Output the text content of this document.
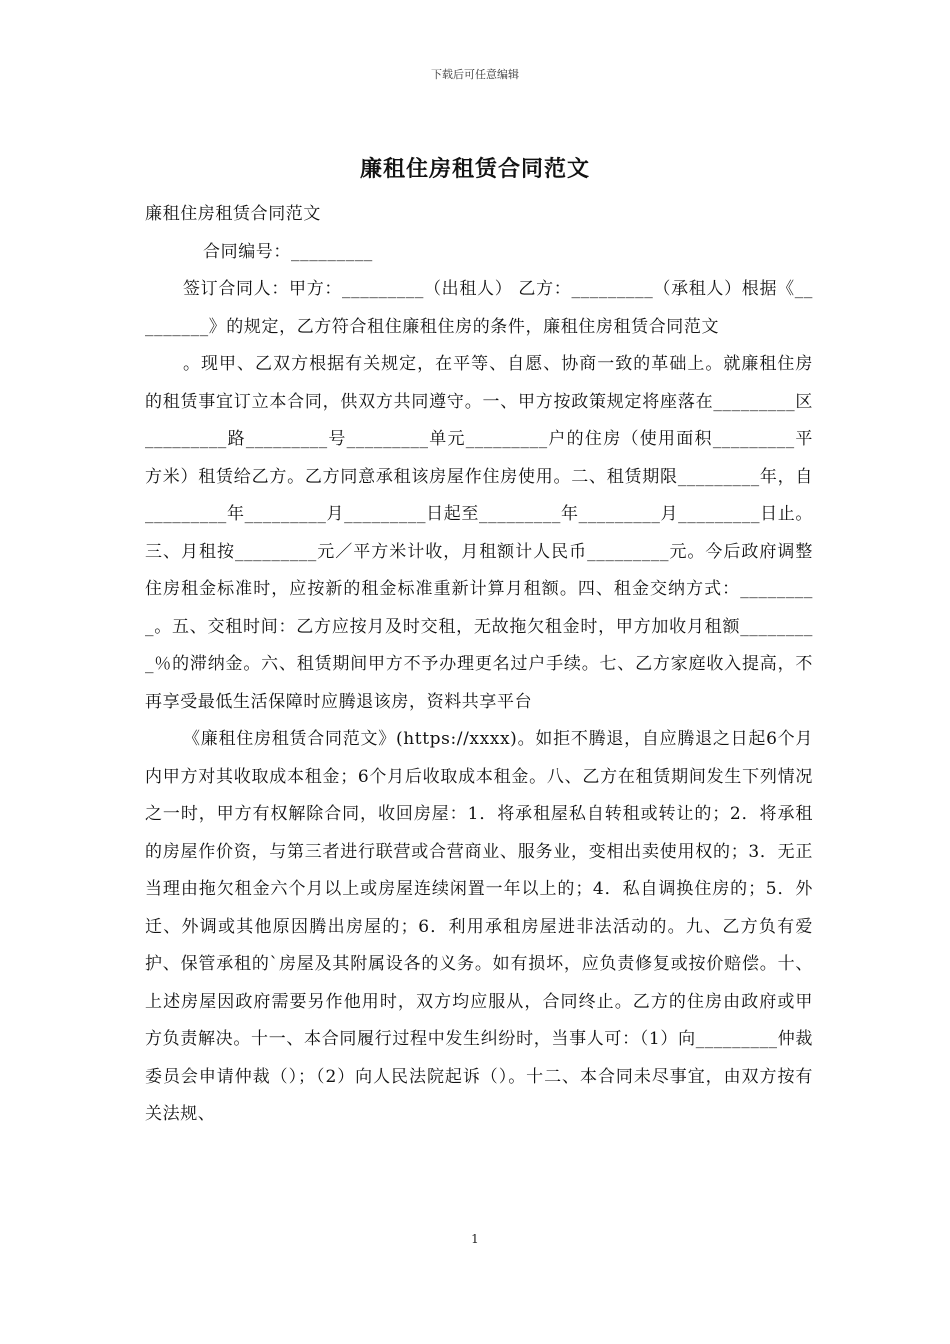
下载后可任意编辑
廉租住房租赁合同范文

廉租住房租赁合同范文

合同编号：_________

签订合同人：甲方：_________（出租人） 乙方：_________（承租人）根据《_________》的规定，乙方符合租住廉租住房的条件，廉租住房租赁合同范文

。现甲、乙双方根据有关规定，在平等、自愿、协商一致的革础上。就廉租住房的租赁事宜订立本合同，供双方共同遵守。一、甲方按政策规定将座落在_________区_________路_________号_________单元_________户的住房（使用面积_________平方米）租赁给乙方。乙方同意承租该房屋作住房使用。二、租赁期限_________年，自_________年_________月_________日起至_________年_________月_________日止。 三、月租按_________元／平方米计收，月租额计人民币_________元。今后政府调整住房租金标准时，应按新的租金标准重新计算月租额。四、租金交纳方式：_________。五、交租时间：乙方应按月及时交租，无故拖欠租金时，甲方加收月租额_________％的滞纳金。六、租赁期间甲方不予办理更名过户手续。七、乙方家庭收入提高，不再享受最低生活保障时应腾退该房，资料共享平台

《廉租住房租赁合同范文》(https://xxxx)。如拒不腾退，自应腾退之日起6个月内甲方对其收取成本租金；6个月后收取成本租金。八、乙方在租赁期间发生下列情况之一时，甲方有权解除合同，收回房屋：1．将承租屋私自转租或转让的；2．将承租的房屋作价资，与第三者进行联营或合营商业、服务业，变相出卖使用权的；3．无正当理由拖欠租金六个月以上或房屋连续闲置一年以上的；4．私自调换住房的；5．外迁、外调或其他原因腾出房屋的；6．利用承租房屋进非法活动的。九、乙方负有爱护、保管承租的`房屋及其附属设各的义务。如有损坏，应负责修复或按价赔偿。十、上述房屋因政府需要另作他用时，双方均应服从，合同终止。乙方的住房由政府或甲方负责解决。十一、本合同履行过程中发生纠纷时，当事人可：（1）向_________仲裁委员会申请仲裁（）；（2）向人民法院起诉（）。十二、本合同未尽事宜，由双方按有关法规、

1
